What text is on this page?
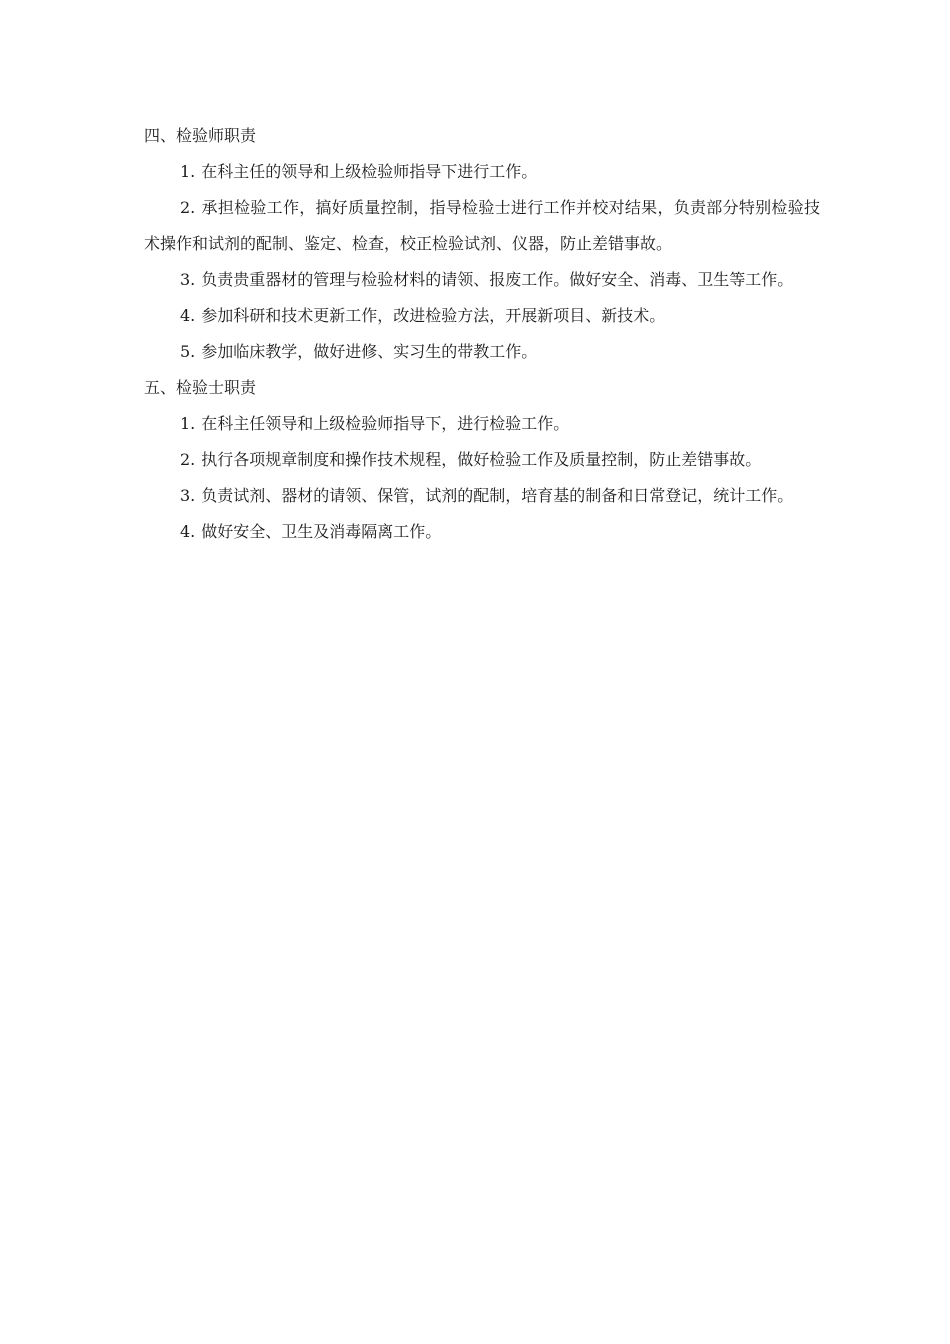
四、检验师职责

1. 在科主任的领导和上级检验师指导下进行工作。

2. 承担检验工作，搞好质量控制，指导检验士进行工作并校对结果，负责部分特别检验技术操作和试剂的配制、鉴定、检查，校正检验试剂、仪器，防止差错事故。

3. 负责贵重器材的管理与检验材料的请领、报废工作。做好安全、消毒、卫生等工作。

4. 参加科研和技术更新工作，改进检验方法，开展新项目、新技术。

5. 参加临床教学，做好进修、实习生的带教工作。

五、检验士职责

1. 在科主任领导和上级检验师指导下，进行检验工作。

2. 执行各项规章制度和操作技术规程，做好检验工作及质量控制，防止差错事故。

3. 负责试剂、器材的请领、保管，试剂的配制，培育基的制备和日常登记，统计工作。

4. 做好安全、卫生及消毒隔离工作。
